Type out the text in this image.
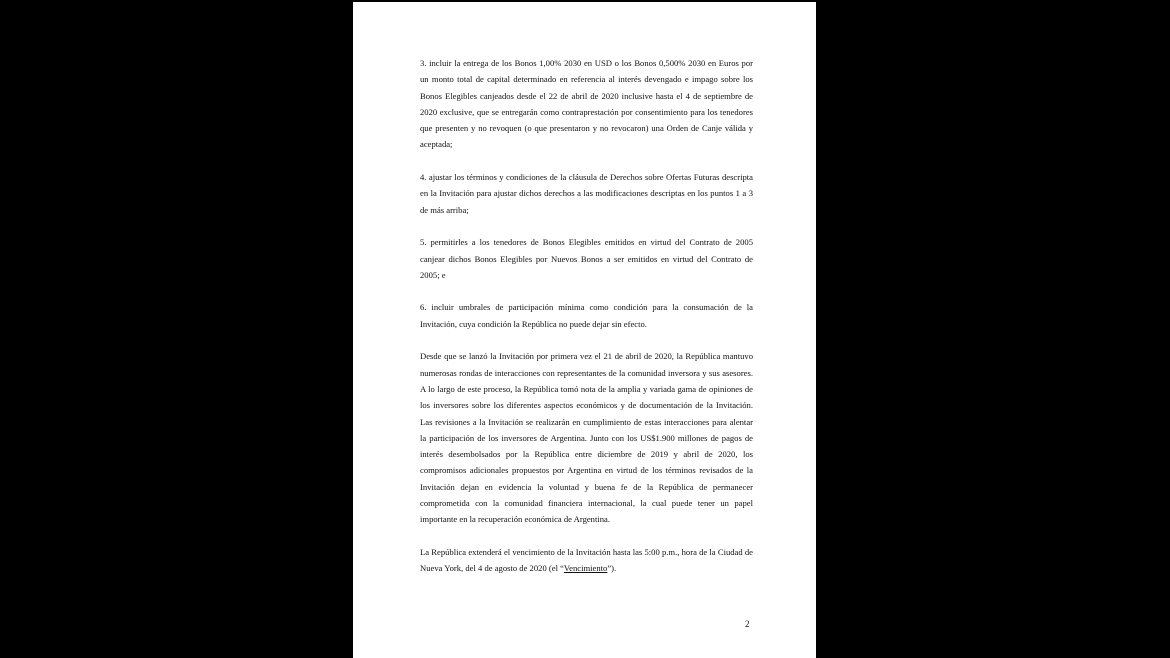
3. incluir la entrega de los Bonos 1,00% 2030 en USD o los Bonos 0,500% 2030 en Euros por un monto total de capital determinado en referencia al interés devengado e impago sobre los Bonos Elegibles canjeados desde el 22 de abril de 2020 inclusive hasta el 4 de septiembre de 2020 exclusive, que se entregarán como contraprestación por consentimiento para los tenedores que presenten y no revoquen (o que presentaron y no revocaron) una Orden de Canje válida y aceptada;

4. ajustar los términos y condiciones de la cláusula de Derechos sobre Ofertas Futuras descripta en la Invitación para ajustar dichos derechos a las modificaciones descriptas en los puntos 1 a 3 de más arriba;

5. permitirles a los tenedores de Bonos Elegibles emitidos en virtud del Contrato de 2005 canjear dichos Bonos Elegibles por Nuevos Bonos a ser emitidos en virtud del Contrato de 2005; e

6. incluir umbrales de participación mínima como condición para la consumación de la Invitación, cuya condición la República no puede dejar sin efecto.

Desde que se lanzó la Invitación por primera vez el 21 de abril de 2020, la República mantuvo numerosas rondas de interacciones con representantes de la comunidad inversora y sus asesores. A lo largo de este proceso, la República tomó nota de la amplia y variada gama de opiniones de los inversores sobre los diferentes aspectos económicos y de documentación de la Invitación. Las revisiones a la Invitación se realizarán en cumplimiento de estas interacciones para alentar la participación de los inversores de Argentina. Junto con los US$1.900 millones de pagos de interés desembolsados por la República entre diciembre de 2019 y abril de 2020, los compromisos adicionales propuestos por Argentina en virtud de los términos revisados de la Invitación dejan en evidencia la voluntad y buena fe de la República de permanecer comprometida con la comunidad financiera internacional, la cual puede tener un papel importante en la recuperación económica de Argentina.

La República extenderá el vencimiento de la Invitación hasta las 5:00 p.m., hora de la Ciudad de Nueva York, del 4 de agosto de 2020 (el “Vencimiento”).

2
